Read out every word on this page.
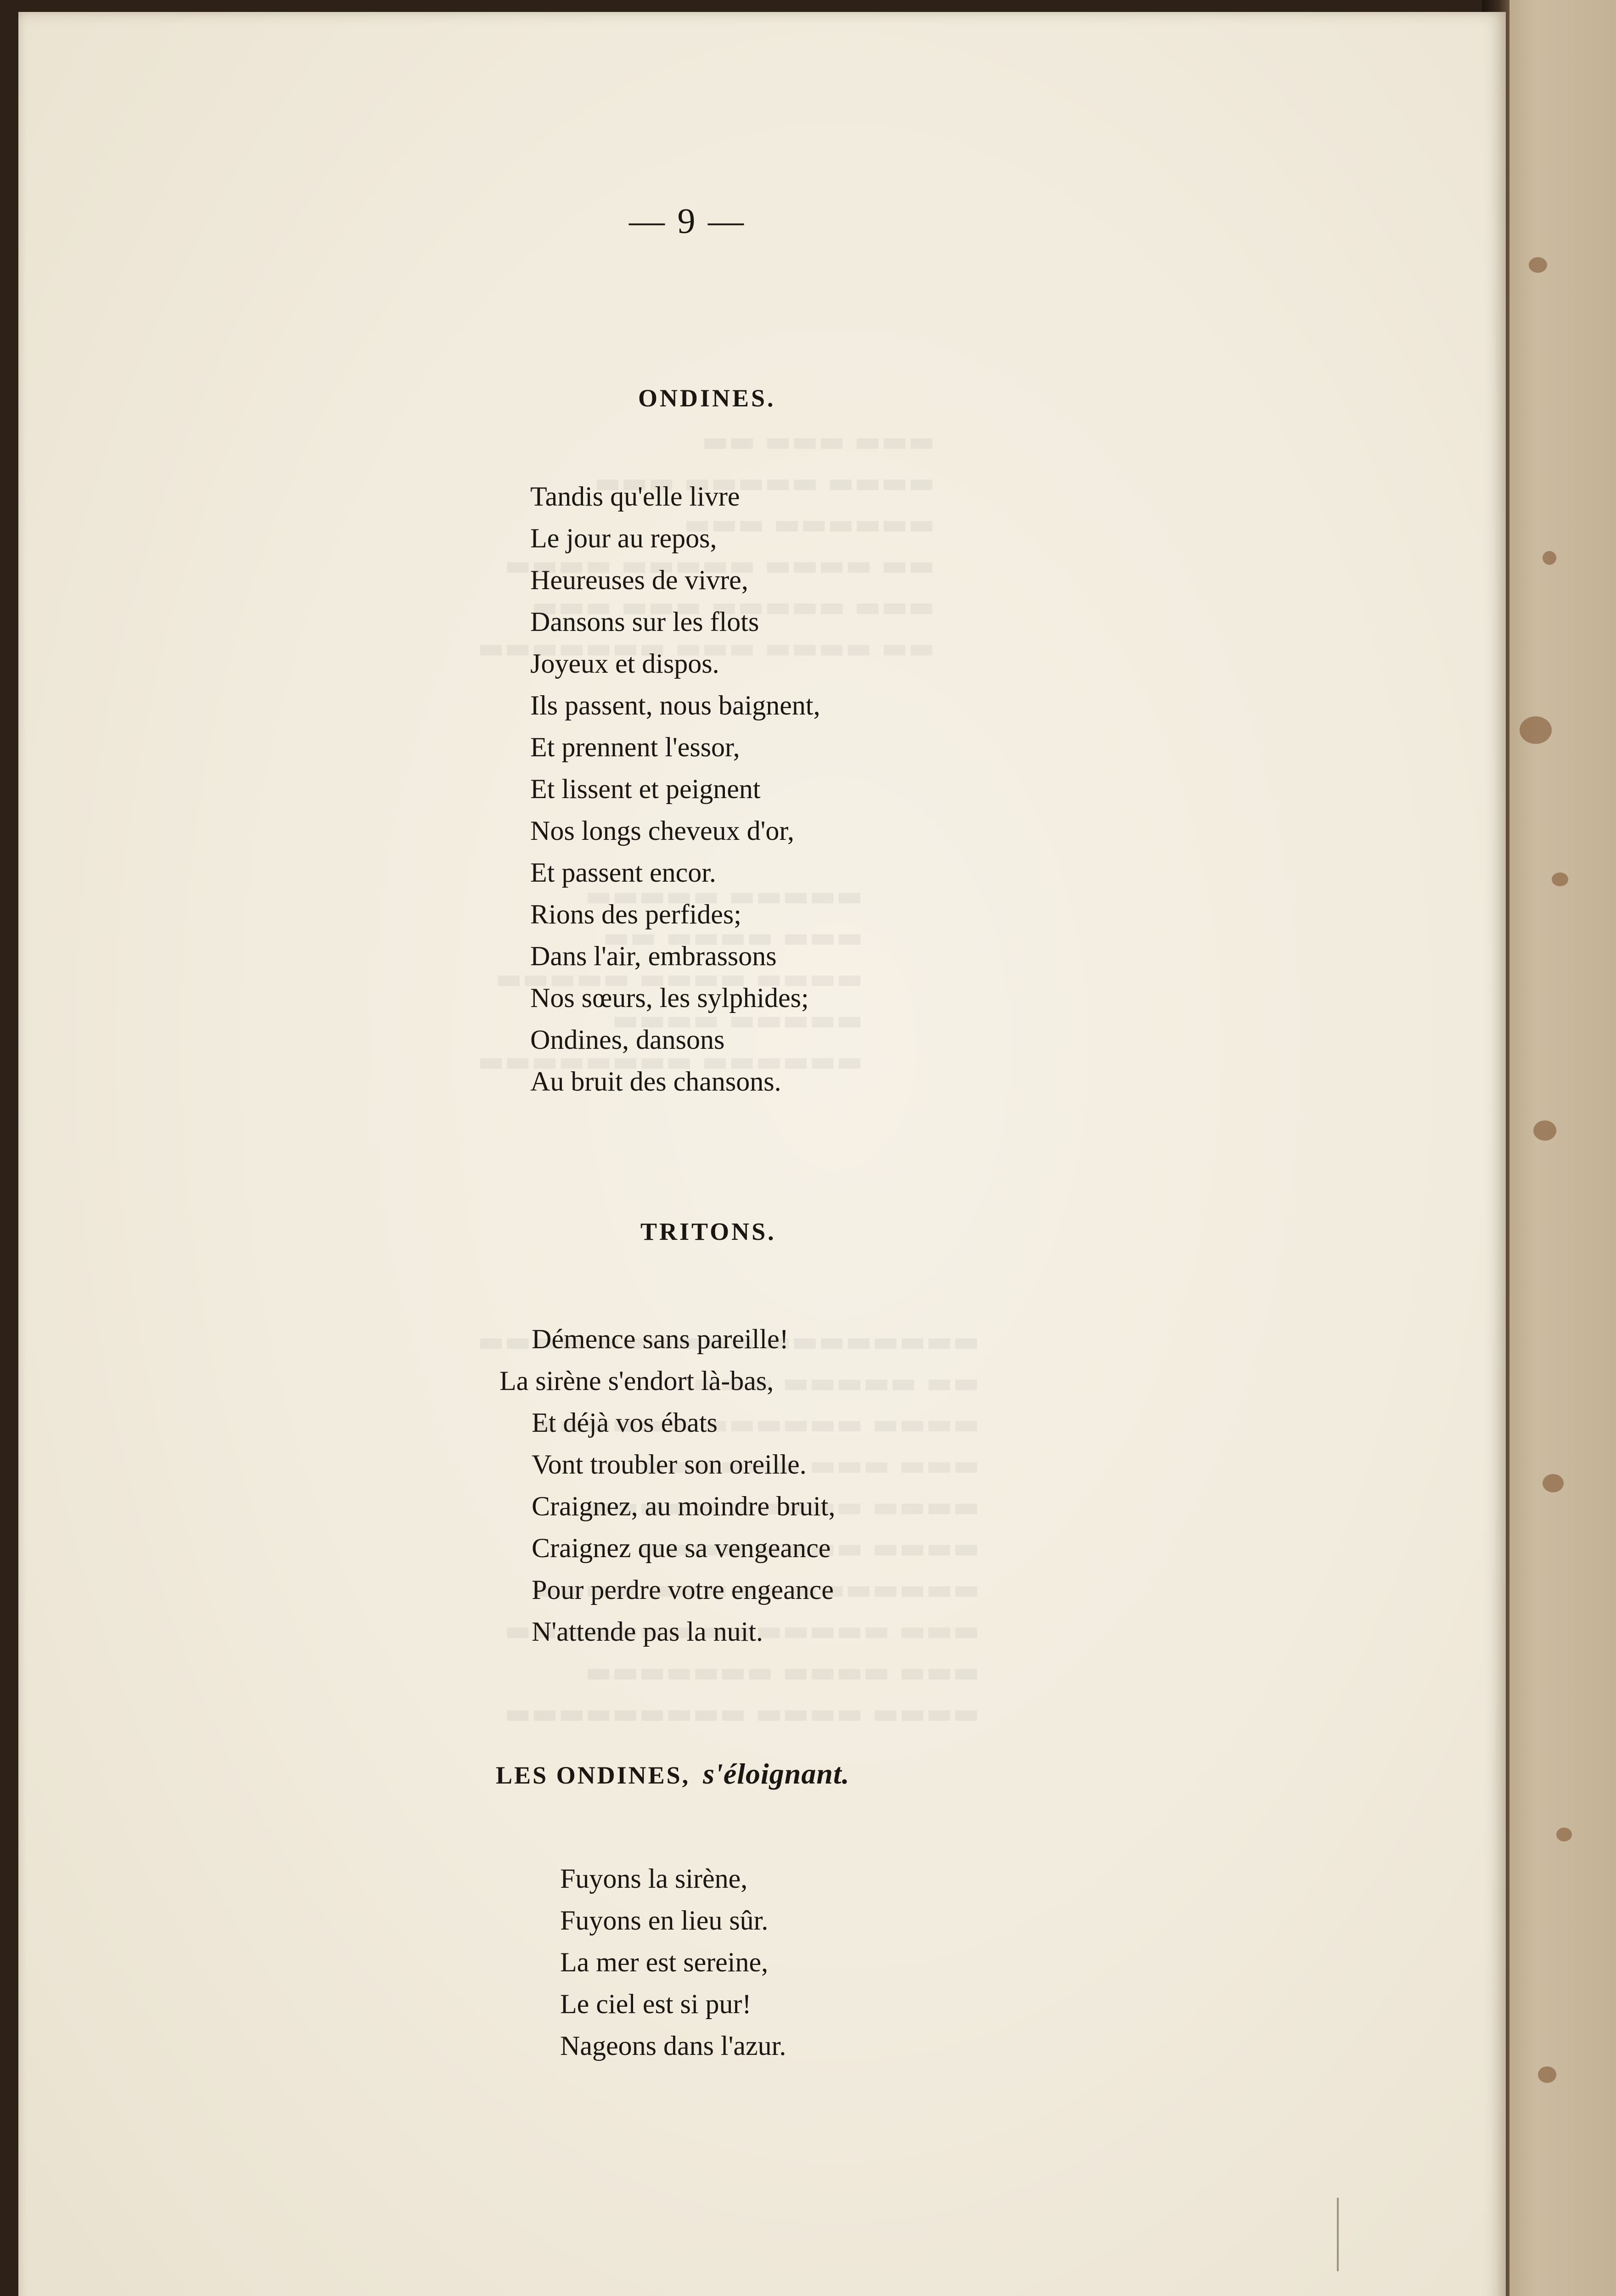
— 9 —
ONDINES.
Tandis qu'elle livre
Le jour au repos,
Heureuses de vivre,
Dansons sur les flots
Joyeux et dispos.
Ils passent, nous baignent,
Et prennent l'essor,
Et lissent et peignent
Nos longs cheveux d'or,
Et passent encor.
Rions des perfides;
Dans l'air, embrassons
Nos sœurs, les sylphides;
Ondines, dansons
Au bruit des chansons.
TRITONS.
Démence sans pareille!
La sirène s'endort là-bas,
Et déjà vos ébats
Vont troubler son oreille.
Craignez, au moindre bruit,
Craignez que sa vengeance
Pour perdre votre engeance
N'attende pas la nuit.
LES ONDINES, s'éloignant.
Fuyons la sirène,
Fuyons en lieu sûr.
La mer est sereine,
Le ciel est si pur!
Nageons dans l'azur.
